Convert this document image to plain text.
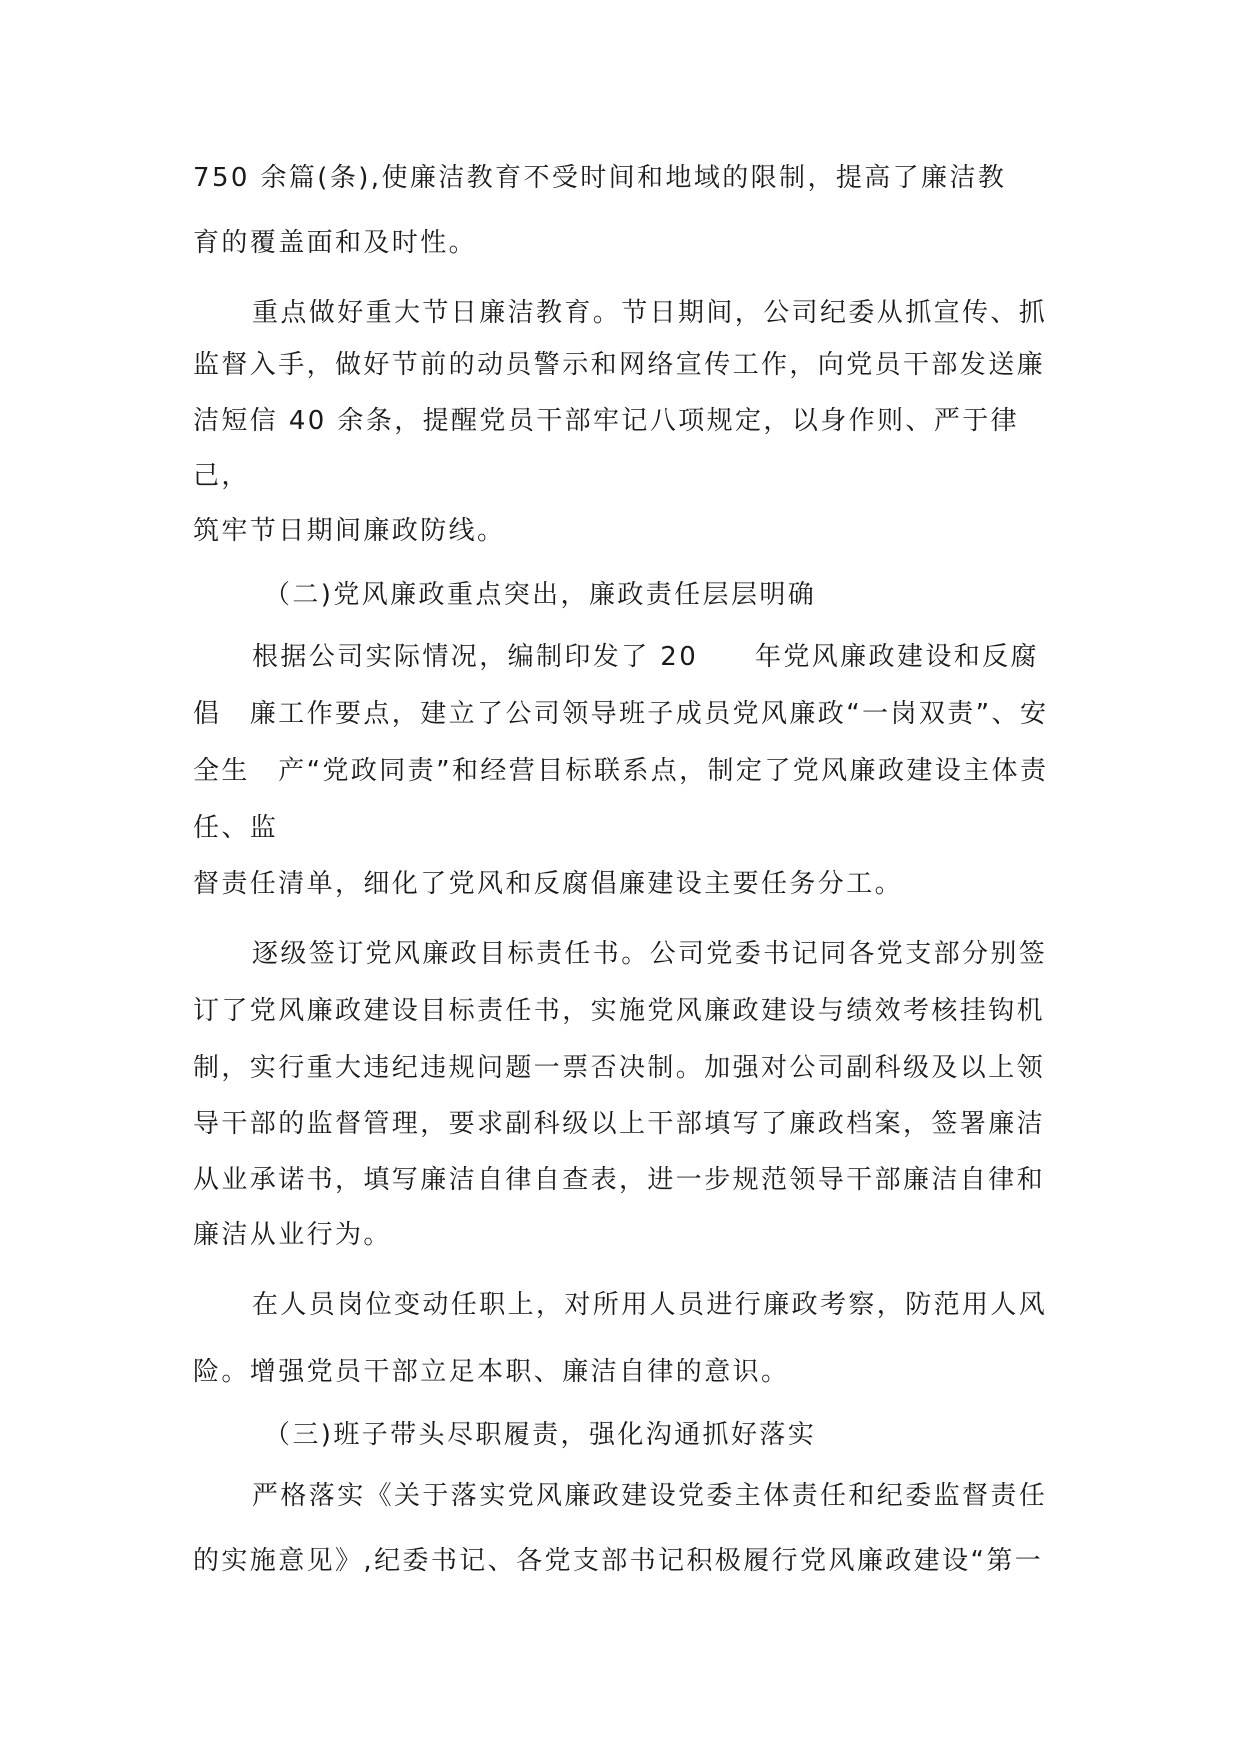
750 余篇(条),使廉洁教育不受时间和地域的限制，提高了廉洁教
育的覆盖面和及时性。
重点做好重大节日廉洁教育。节日期间，公司纪委从抓宣传、抓
监督入手，做好节前的动员警示和网络宣传工作，向党员干部发送廉
洁短信 40 余条，提醒党员干部牢记八项规定，以身作则、严于律
己，
筑牢节日期间廉政防线。
（二)党风廉政重点突出，廉政责任层层明确
根据公司实际情况，编制印发了 20　　年党风廉政建设和反腐
倡　廉工作要点，建立了公司领导班子成员党风廉政“一岗双责”、安
全生　产“党政同责”和经营目标联系点，制定了党风廉政建设主体责
任、监
督责任清单，细化了党风和反腐倡廉建设主要任务分工。
逐级签订党风廉政目标责任书。公司党委书记同各党支部分别签
订了党风廉政建设目标责任书，实施党风廉政建设与绩效考核挂钩机
制，实行重大违纪违规问题一票否决制。加强对公司副科级及以上领
导干部的监督管理，要求副科级以上干部填写了廉政档案，签署廉洁
从业承诺书，填写廉洁自律自查表，进一步规范领导干部廉洁自律和
廉洁从业行为。
在人员岗位变动任职上，对所用人员进行廉政考察，防范用人风
险。增强党员干部立足本职、廉洁自律的意识。
（三)班子带头尽职履责，强化沟通抓好落实
严格落实《关于落实党风廉政建设党委主体责任和纪委监督责任
的实施意见》,纪委书记、各党支部书记积极履行党风廉政建设“第一
